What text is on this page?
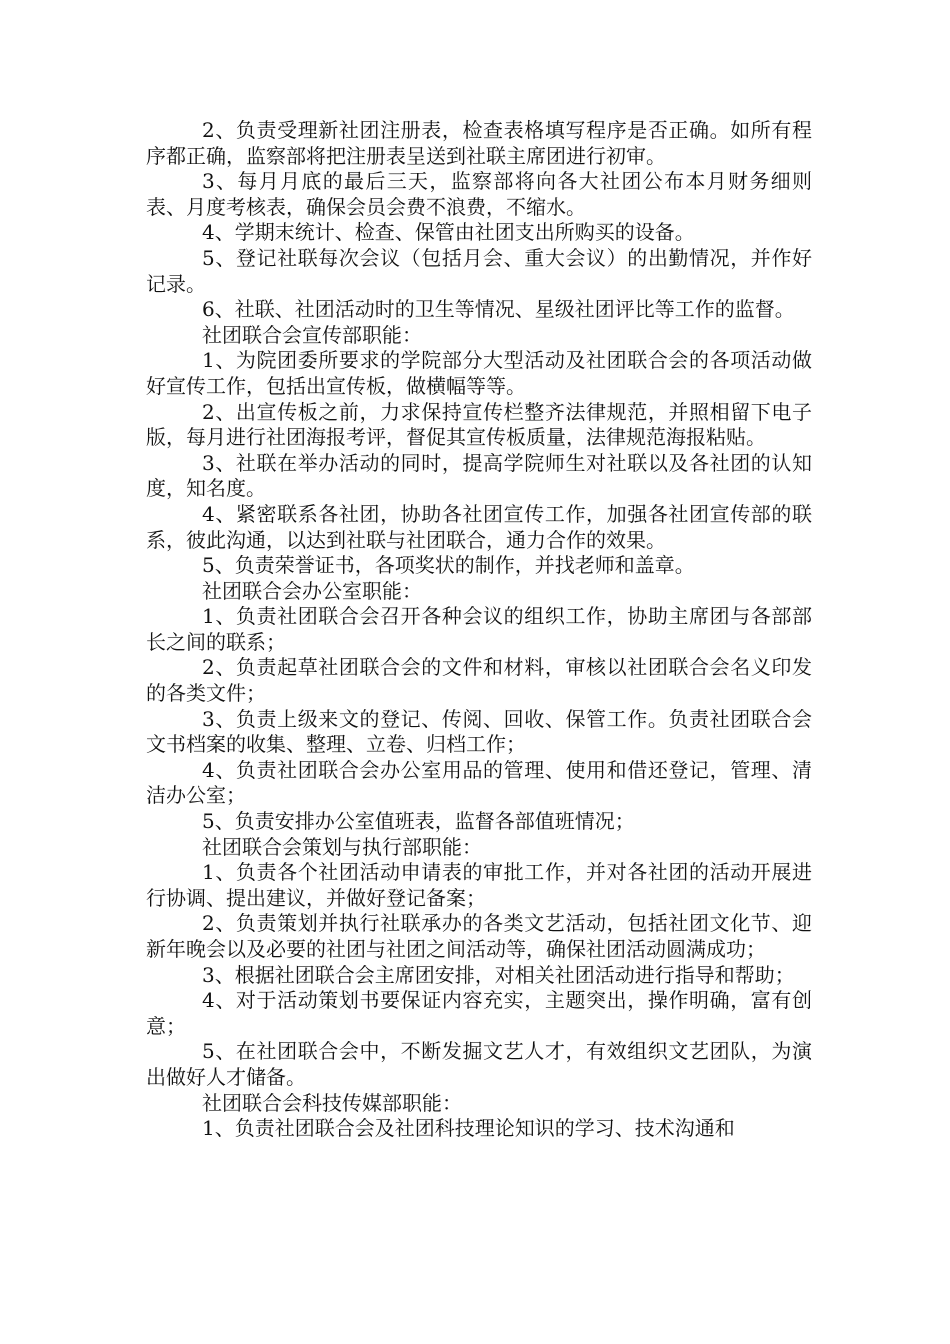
2、负责受理新社团注册表，检查表格填写程序是否正确。如所有程序都正确，监察部将把注册表呈送到社联主席团进行初审。

3、每月月底的最后三天，监察部将向各大社团公布本月财务细则表、月度考核表，确保会员会费不浪费，不缩水。

4、学期末统计、检查、保管由社团支出所购买的设备。

5、登记社联每次会议（包括月会、重大会议）的出勤情况，并作好记录。

6、社联、社团活动时的卫生等情况、星级社团评比等工作的监督。

社团联合会宣传部职能：

1、为院团委所要求的学院部分大型活动及社团联合会的各项活动做好宣传工作，包括出宣传板，做横幅等等。

2、出宣传板之前，力求保持宣传栏整齐法律规范，并照相留下电子版，每月进行社团海报考评，督促其宣传板质量，法律规范海报粘贴。

3、社联在举办活动的同时，提高学院师生对社联以及各社团的认知度，知名度。

4、紧密联系各社团，协助各社团宣传工作，加强各社团宣传部的联系，彼此沟通，以达到社联与社团联合，通力合作的效果。

5、负责荣誉证书，各项奖状的制作，并找老师和盖章。

社团联合会办公室职能：

1、负责社团联合会召开各种会议的组织工作，协助主席团与各部部长之间的联系；

2、负责起草社团联合会的文件和材料，审核以社团联合会名义印发的各类文件；

3、负责上级来文的登记、传阅、回收、保管工作。负责社团联合会文书档案的收集、整理、立卷、归档工作；

4、负责社团联合会办公室用品的管理、使用和借还登记，管理、清洁办公室；

5、负责安排办公室值班表，监督各部值班情况；

社团联合会策划与执行部职能：

1、负责各个社团活动申请表的审批工作，并对各社团的活动开展进行协调、提出建议，并做好登记备案；

2、负责策划并执行社联承办的各类文艺活动，包括社团文化节、迎新年晚会以及必要的社团与社团之间活动等，确保社团活动圆满成功；

3、根据社团联合会主席团安排，对相关社团活动进行指导和帮助；

4、对于活动策划书要保证内容充实，主题突出，操作明确，富有创意；

5、在社团联合会中，不断发掘文艺人才，有效组织文艺团队，为演出做好人才储备。

社团联合会科技传媒部职能：

1、负责社团联合会及社团科技理论知识的学习、技术沟通和
